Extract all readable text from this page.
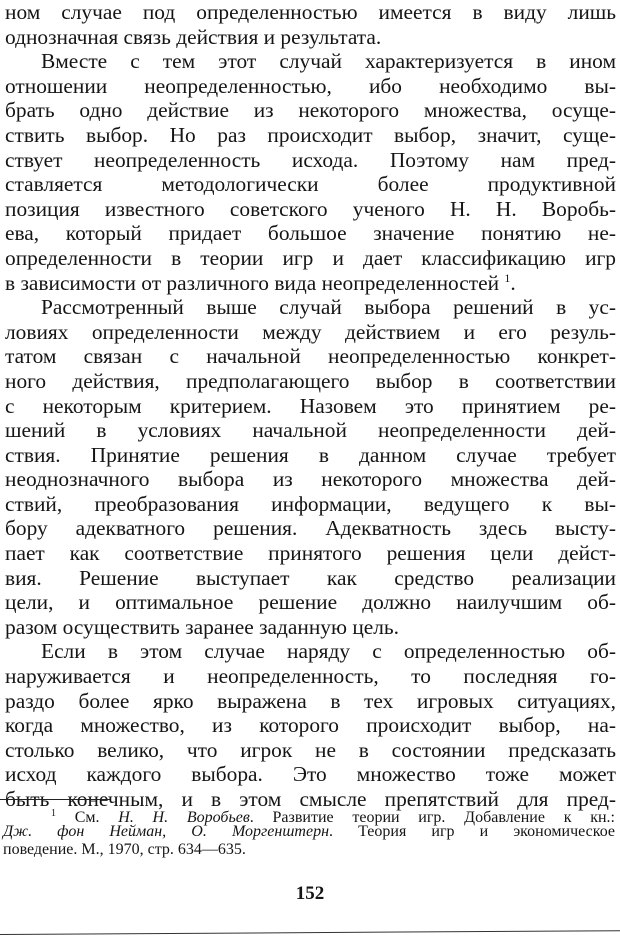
ном случае под определенностью имеется в виду лишь
однозначная связь действия и результата.
Вместе с тем этот случай характеризуется в ином
отношении неопределенностью, ибо необходимо вы-
брать одно действие из некоторого множества, осуще-
ствить выбор. Но раз происходит выбор, значит, суще-
ствует неопределенность исхода. Поэтому нам пред-
ставляется методологически более продуктивной
позиция известного советского ученого Н. Н. Воробь-
ева, который придает большое значение понятию не-
определенности в теории игр и дает классификацию игр
в зависимости от различного вида неопределенностей $^1$.
Рассмотренный выше случай выбора решений в ус-
ловиях определенности между действием и его резуль-
татом связан с начальной неопределенностью конкрет-
ного действия, предполагающего выбор в соответствии
с некоторым критерием. Назовем это принятием ре-
шений в условиях начальной неопределенности дей-
ствия. Принятие решения в данном случае требует
неоднозначного выбора из некоторого множества дей-
ствий, преобразования информации, ведущего к вы-
бору адекватного решения. Адекватность здесь высту-
пает как соответствие принятого решения цели дейст-
вия. Решение выступает как средство реализации
цели, и оптимальное решение должно наилучшим об-
разом осуществить заранее заданную цель.
Если в этом случае наряду с определенностью об-
наруживается и неопределенность, то последняя го-
раздо более ярко выражена в тех игровых ситуациях,
когда множество, из которого происходит выбор, на-
столько велико, что игрок не в состоянии предсказать
исход каждого выбора. Это множество тоже может
быть конечным, и в этом смысле препятствий для пред-
$^1$ См. Н. Н. Воробьев. Развитие теории игр. Добавление к кн.:
Дж. фон Нейман, О. Моргенштерн. Теория игр и экономическое
поведение. М., 1970, стр. 634—635.
152
